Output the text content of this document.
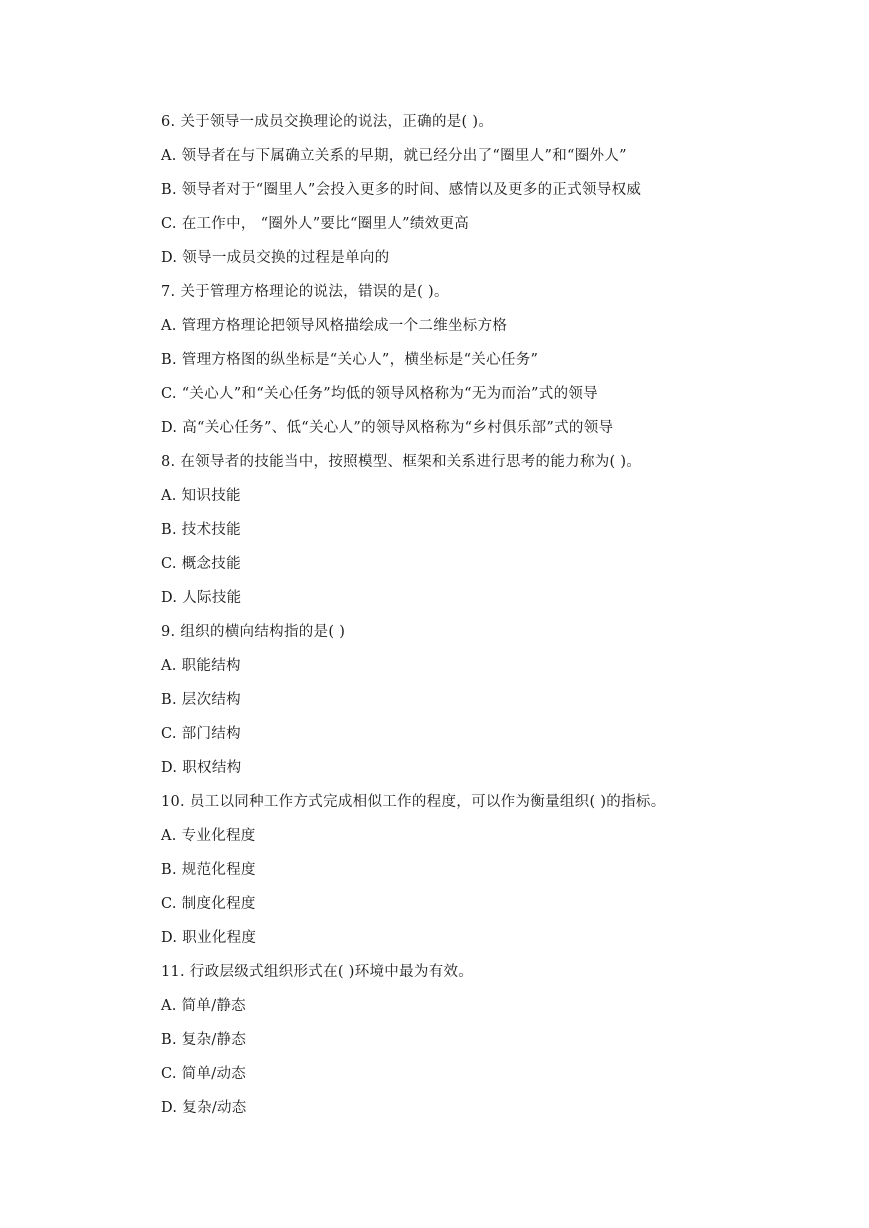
6. 关于领导一成员交换理论的说法，正确的是( )。
A. 领导者在与下属确立关系的早期，就已经分出了“圈里人”和“圈外人”
B. 领导者对于“圈里人”会投入更多的时间、感情以及更多的正式领导权威
C. 在工作中， “圈外人”要比“圈里人”绩效更高
D. 领导一成员交换的过程是单向的
7. 关于管理方格理论的说法，错误的是( )。
A. 管理方格理论把领导风格描绘成一个二维坐标方格
B. 管理方格图的纵坐标是“关心人”，横坐标是“关心任务”
C. “关心人”和“关心任务”均低的领导风格称为“无为而治”式的领导
D. 高“关心任务”、低“关心人”的领导风格称为“乡村俱乐部”式的领导
8. 在领导者的技能当中，按照模型、框架和关系进行思考的能力称为( )。
A. 知识技能
B. 技术技能
C. 概念技能
D. 人际技能
9. 组织的横向结构指的是( )
A. 职能结构
B. 层次结构
C. 部门结构
D. 职权结构
10. 员工以同种工作方式完成相似工作的程度，可以作为衡量组织( )的指标。
A. 专业化程度
B. 规范化程度
C. 制度化程度
D. 职业化程度
11. 行政层级式组织形式在( )环境中最为有效。
A. 简单/静态
B. 复杂/静态
C. 简单/动态
D. 复杂/动态
